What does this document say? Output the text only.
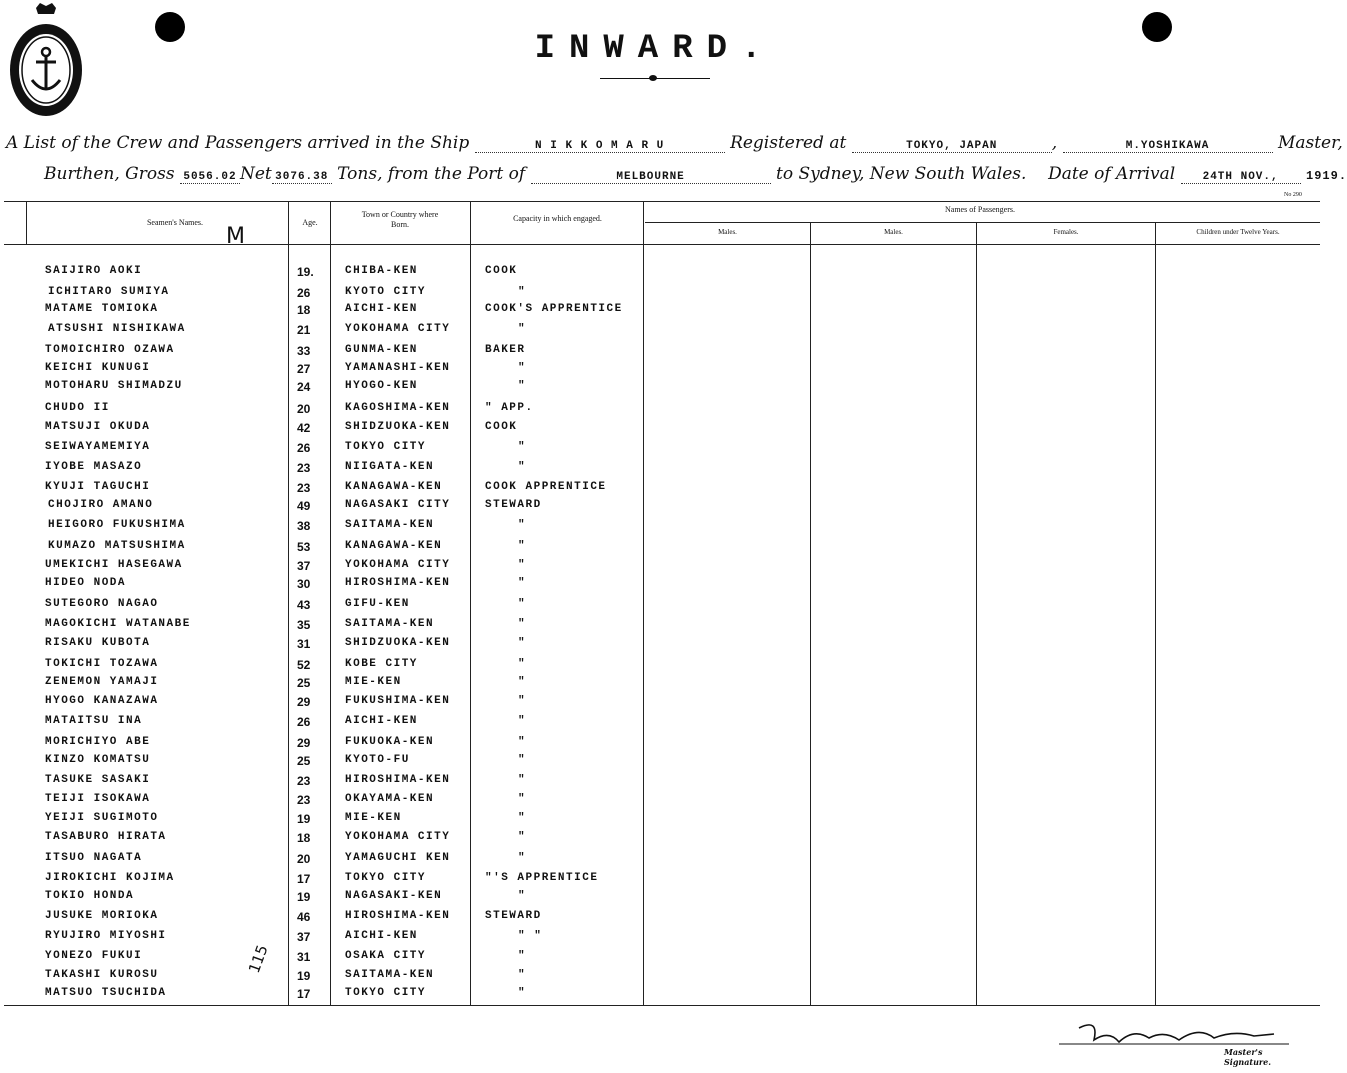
INWARD.
A List of the Crew and Passengers arrived in the Ship	N I K K O M A R U	Registered at	TOKYO, JAPAN	,	M.YOSHIKAWA	Master,
Burthen, Gross 5056.02 Net 3076.38 Tons, from the Port of	MELBOURNE	to Sydney, New South Wales. Date of Arrival 24TH NOV., 1919.
No 290
Seamen's Names.	Age.
Town or Country where Born.
Capacity in which engaged.
Names of Passengers.
Males.	Males.	Females.	Children under Twelve Years.
M
115
SAIJIRO AOKI	19.	CHIBA-KEN	COOK
ICHITARO SUMIYA	26	KYOTO CITY	"
MATAME TOMIOKA	18	AICHI-KEN	COOK'S APPRENTICE
ATSUSHI NISHIKAWA	21	YOKOHAMA CITY	"
TOMOICHIRO OZAWA	33	GUNMA-KEN	BAKER
KEICHI KUNUGI	27	YAMANASHI-KEN	"
MOTOHARU SHIMADZU	24	HYOGO-KEN	"
CHUDO II	20	KAGOSHIMA-KEN	" APP.
MATSUJI OKUDA	42	SHIDZUOKA-KEN	COOK
SEIWAYAMEMIYA	26	TOKYO CITY	"
IYOBE MASAZO	23	NIIGATA-KEN	"
KYUJI TAGUCHI	23	KANAGAWA-KEN	COOK APPRENTICE
CHOJIRO AMANO	49	NAGASAKI CITY	STEWARD
HEIGORO FUKUSHIMA	38	SAITAMA-KEN	"
KUMAZO MATSUSHIMA	53	KANAGAWA-KEN	"
UMEKICHI HASEGAWA	37	YOKOHAMA CITY	"
HIDEO NODA	30	HIROSHIMA-KEN	"
SUTEGORO NAGAO	43	GIFU-KEN	"
MAGOKICHI WATANABE	35	SAITAMA-KEN	"
RISAKU KUBOTA	31	SHIDZUOKA-KEN	"
TOKICHI TOZAWA	52	KOBE CITY	"
ZENEMON YAMAJI	25	MIE-KEN	"
HYOGO KANAZAWA	29	FUKUSHIMA-KEN	"
MATAITSU INA	26	AICHI-KEN	"
MORICHIYO ABE	29	FUKUOKA-KEN	"
KINZO KOMATSU	25	KYOTO-FU	"
TASUKE SASAKI	23	HIROSHIMA-KEN	"
TEIJI ISOKAWA	23	OKAYAMA-KEN	"
YEIJI SUGIMOTO	19	MIE-KEN	"
TASABURO HIRATA	18	YOKOHAMA CITY	"
ITSUO NAGATA	20	YAMAGUCHI KEN	"
JIROKICHI KOJIMA	17	TOKYO CITY	"'S APPRENTICE
TOKIO HONDA	19	NAGASAKI-KEN	"
JUSUKE MORIOKA	46	HIROSHIMA-KEN	STEWARD
RYUJIRO MIYOSHI	37	AICHI-KEN	" "
YONEZO FUKUI	31	OSAKA CITY	"
TAKASHI KUROSU	19	SAITAMA-KEN	"
MATSUO TSUCHIDA	17	TOKYO CITY	"
Master's Signature.
